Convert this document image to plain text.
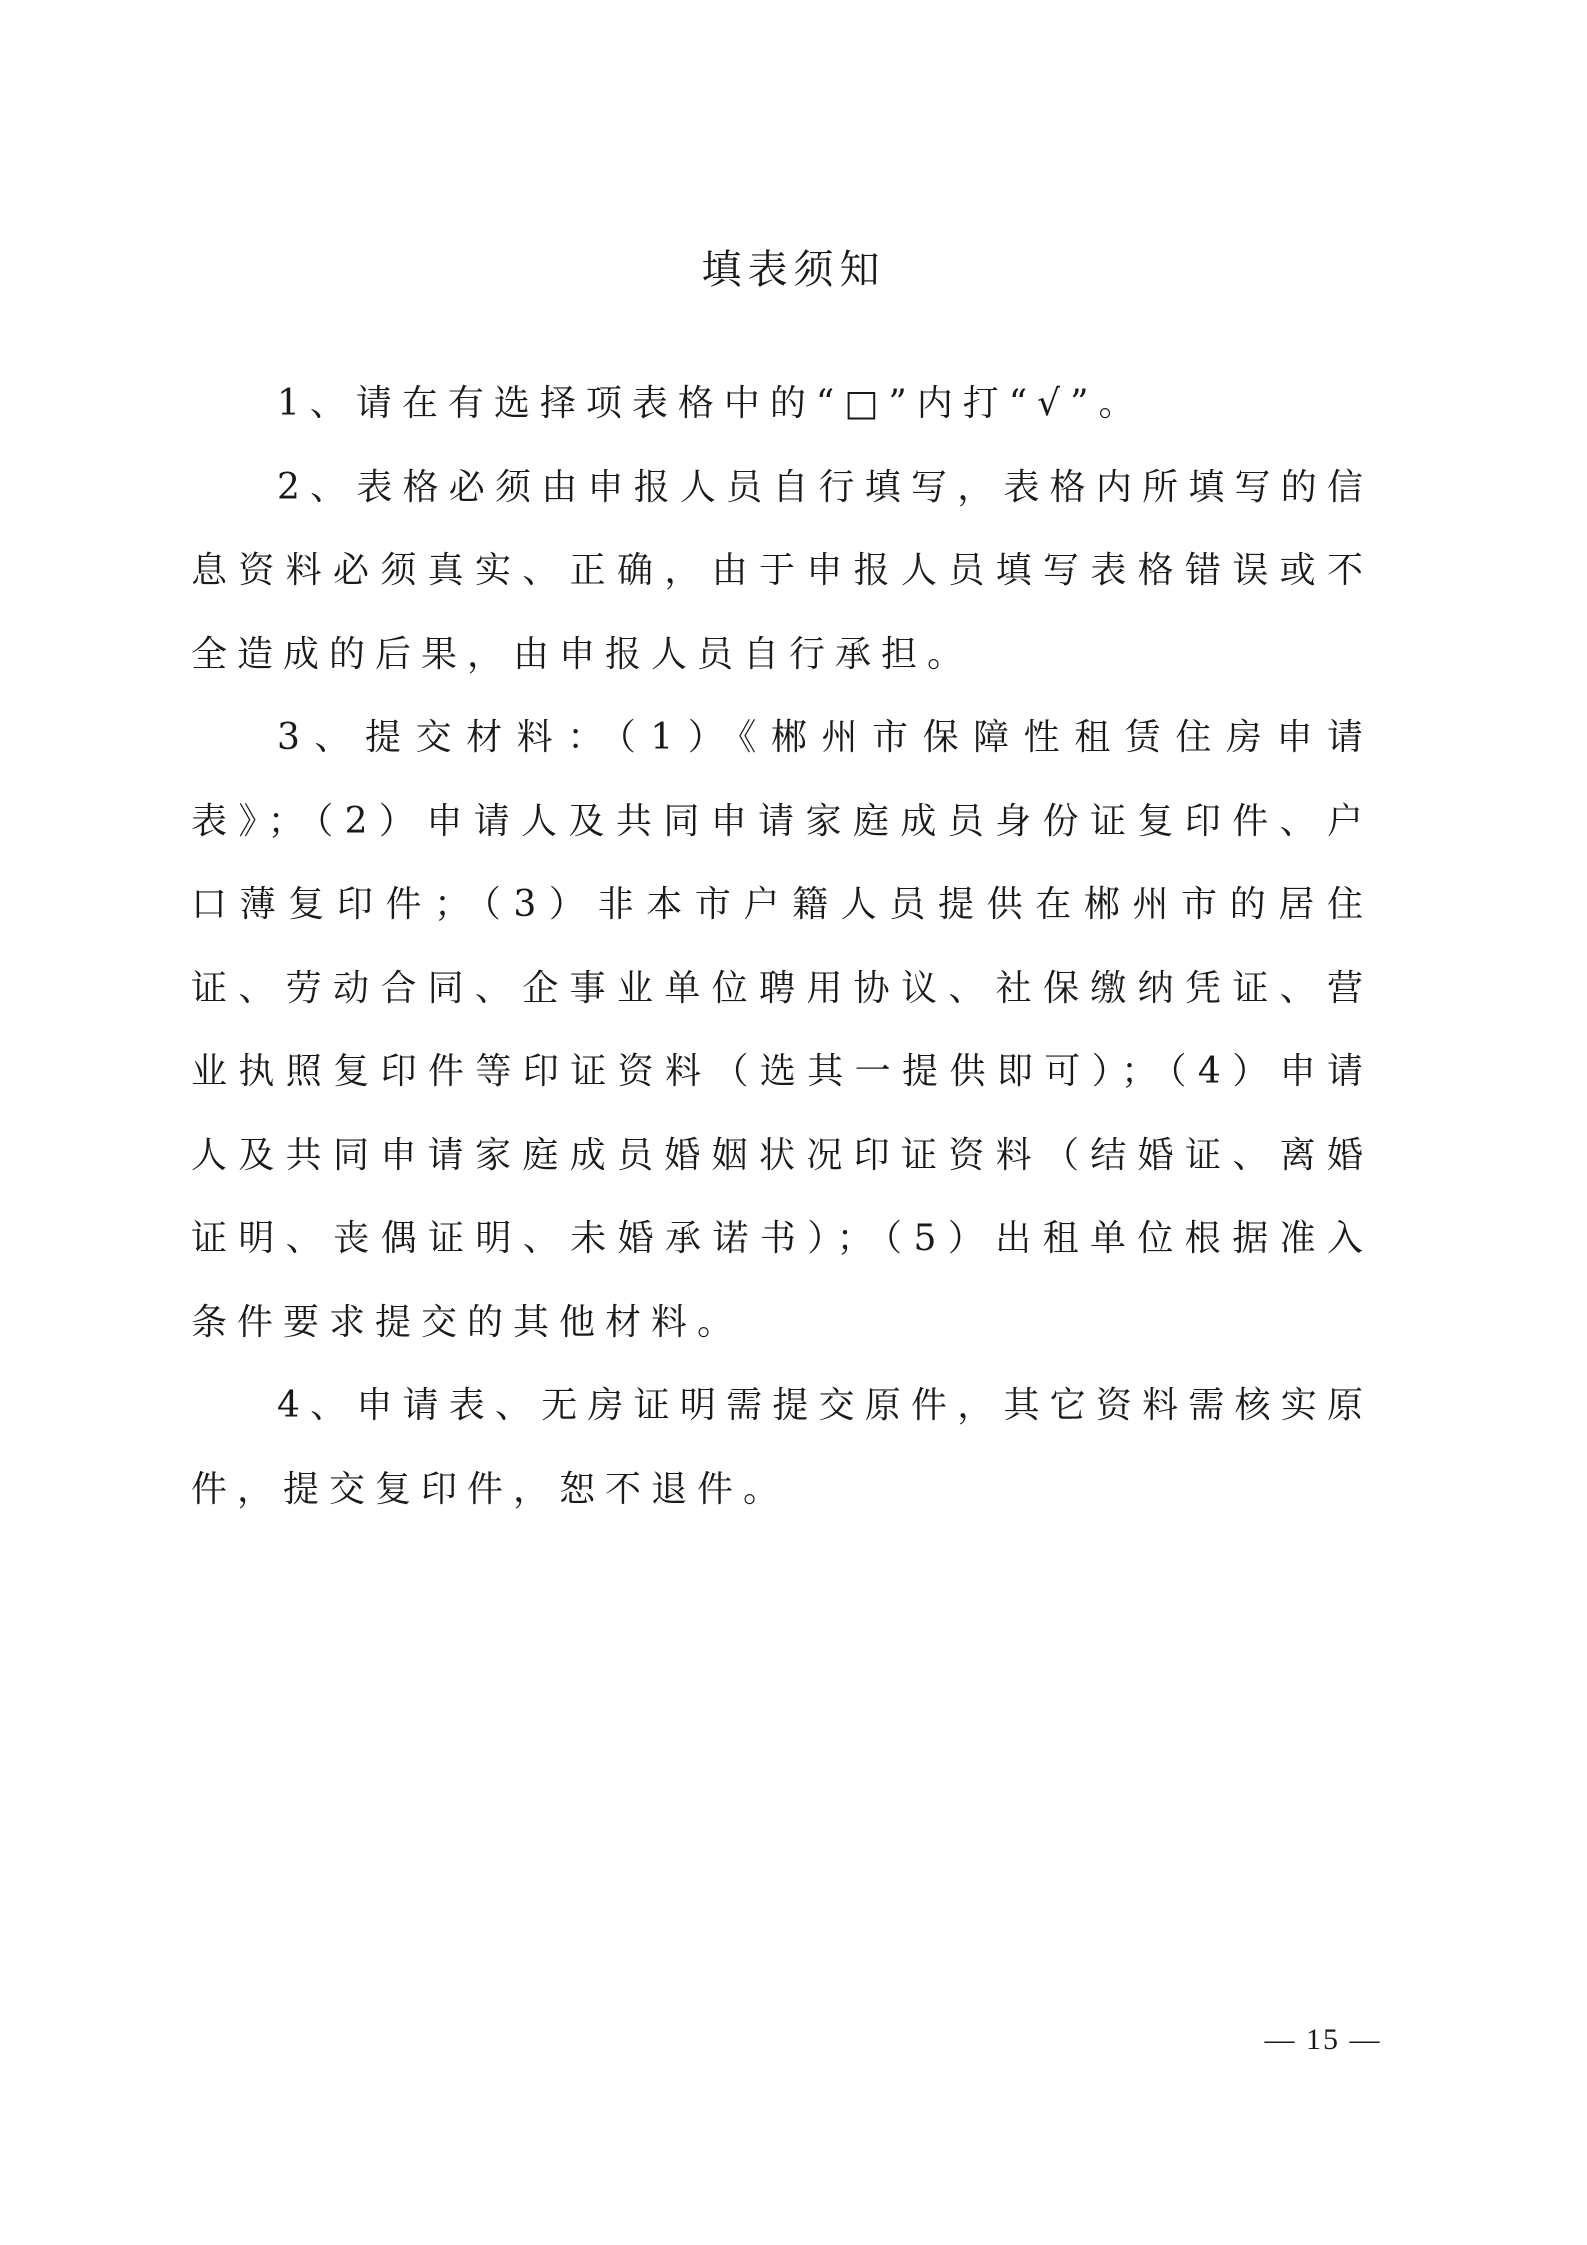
填表须知

1、请在有选择项表格中的“□”内打“√”。

2、表格必须由申报人员自行填写，表格内所填写的信息资料必须真实、正确，由于申报人员填写表格错误或不全造成的后果，由申报人员自行承担。

3、提交材料：（1）《郴州市保障性租赁住房申请表》；（2）申请人及共同申请家庭成员身份证复印件、户口薄复印件；（3）非本市户籍人员提供在郴州市的居住证、劳动合同、企事业单位聘用协议、社保缴纳凭证、营业执照复印件等印证资料（选其一提供即可）；（4）申请人及共同申请家庭成员婚姻状况印证资料（结婚证、离婚证明、丧偶证明、未婚承诺书）；（5）出租单位根据准入条件要求提交的其他材料。

4、申请表、无房证明需提交原件，其它资料需核实原件，提交复印件，恕不退件。

— 15 —
